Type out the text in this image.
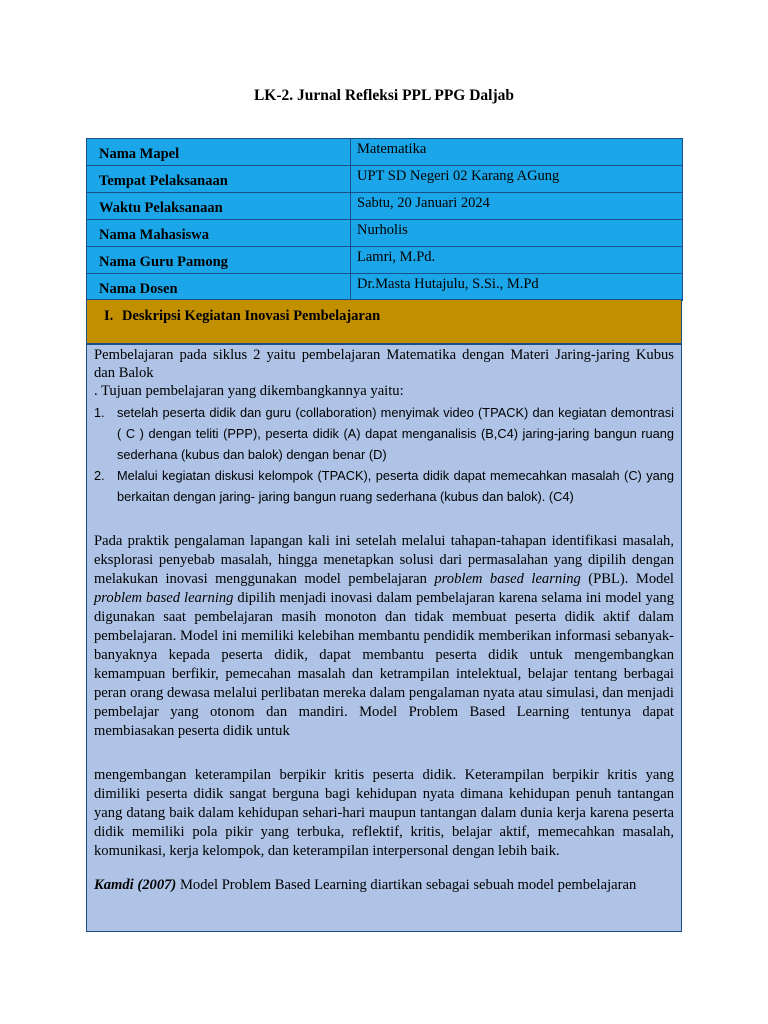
LK-2. Jurnal Refleksi PPL PPG Daljab
Nama Mapel	Matematika
Tempat Pelaksanaan	UPT SD Negeri 02 Karang AGung
Waktu Pelaksanaan	Sabtu, 20 Januari 2024
Nama Mahasiswa	Nurholis
Nama Guru Pamong	Lamri, M.Pd.
Nama Dosen	Dr.Masta Hutajulu, S.Si., M.Pd
I. Deskripsi Kegiatan Inovasi Pembelajaran

Pembelajaran pada siklus 2 yaitu pembelajaran Matematika dengan Materi Jaring-jaring Kubus dan Balok

. Tujuan pembelajaran yang dikembangkannya yaitu:

1. setelah peserta didik dan guru (collaboration) menyimak video (TPACK) dan kegiatan demontrasi ( C ) dengan teliti (PPP), peserta didik (A) dapat menganalisis (B,C4) jaring-jaring bangun ruang sederhana (kubus dan balok) dengan benar (D)
2. Melalui kegiatan diskusi kelompok (TPACK), peserta didik dapat memecahkan masalah (C) yang berkaitan dengan jaring- jaring bangun ruang sederhana (kubus dan balok). (C4)

Pada praktik pengalaman lapangan kali ini setelah melalui tahapan-tahapan identifikasi masalah, eksplorasi penyebab masalah, hingga menetapkan solusi dari permasalahan yang dipilih dengan melakukan inovasi menggunakan model pembelajaran problem based learning (PBL). Model problem based learning dipilih menjadi inovasi dalam pembelajaran karena selama ini model yang digunakan saat pembelajaran masih monoton dan tidak membuat peserta didik aktif dalam pembelajaran. Model ini memiliki kelebihan membantu pendidik memberikan informasi sebanyak-banyaknya kepada peserta didik, dapat membantu peserta didik untuk mengembangkan kemampuan berfikir, pemecahan masalah dan ketrampilan intelektual, belajar tentang berbagai peran orang dewasa melalui perlibatan mereka dalam pengalaman nyata atau simulasi, dan menjadi pembelajar yang otonom dan mandiri. Model Problem Based Learning tentunya dapat membiasakan peserta didik untuk

mengembangan keterampilan berpikir kritis peserta didik. Keterampilan berpikir kritis yang dimiliki peserta didik sangat berguna bagi kehidupan nyata dimana kehidupan penuh tantangan yang datang baik dalam kehidupan sehari-hari maupun tantangan dalam dunia kerja karena peserta didik memiliki pola pikir yang terbuka, reflektif, kritis, belajar aktif, memecahkan masalah, komunikasi, kerja kelompok, dan keterampilan interpersonal dengan lebih baik.

Kamdi (2007) Model Problem Based Learning diartikan sebagai sebuah model pembelajaran
